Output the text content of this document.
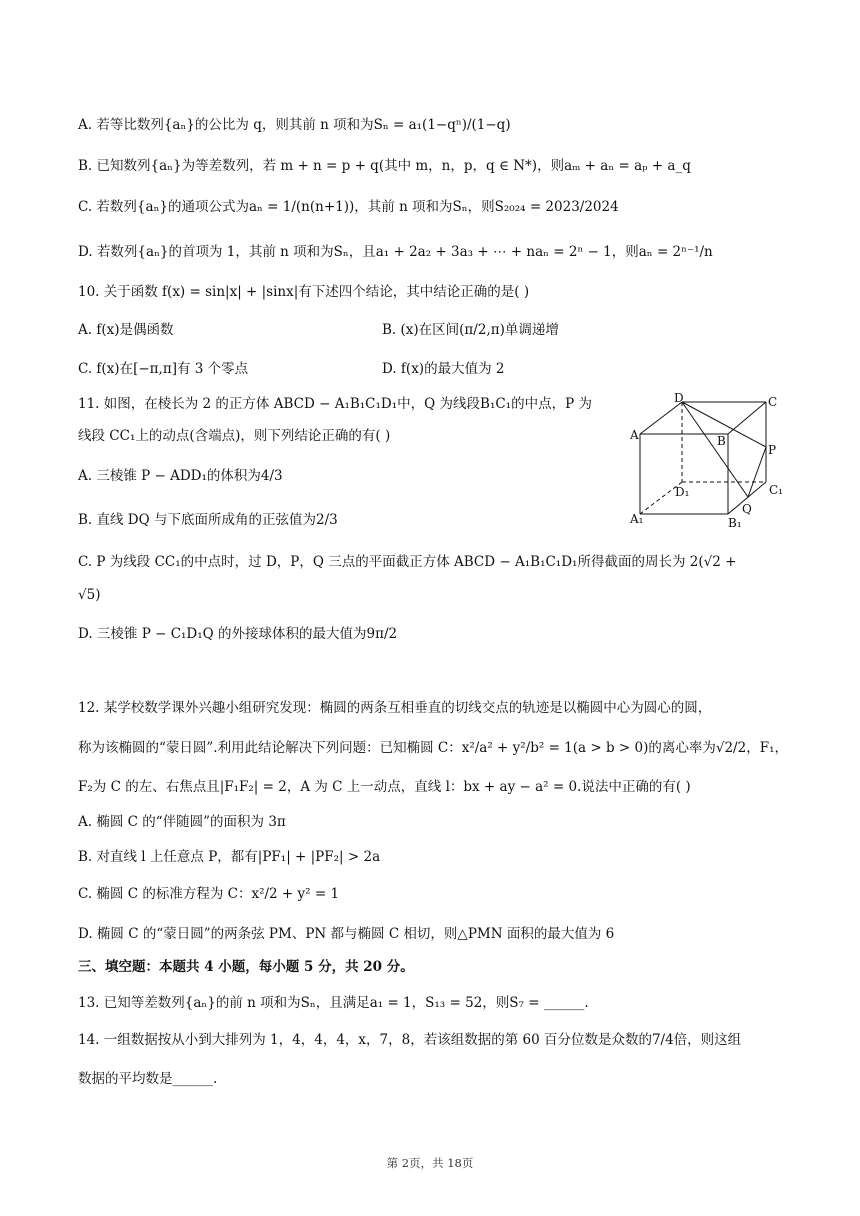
A. 若等比数列{aₙ}的公比为 q，则其前 n 项和为Sₙ = a₁(1−qⁿ)/(1−q)
B. 已知数列{aₙ}为等差数列，若 m + n = p + q(其中 m，n，p，q ∈ N*)，则aₘ + aₙ = aₚ + a_q
C. 若数列{aₙ}的通项公式为aₙ = 1/(n(n+1))，其前 n 项和为Sₙ，则S₂₀₂₄ = 2023/2024
D. 若数列{aₙ}的首项为 1，其前 n 项和为Sₙ，且a₁ + 2a₂ + 3a₃ + ⋯ + naₙ = 2ⁿ − 1，则aₙ = 2ⁿ⁻¹/n
10. 关于函数 f(x) = sin|x| + |sinx|有下述四个结论，其中结论正确的是( )
A. f(x)是偶函数	B. (x)在区间(π/2,π)单调递增
C. f(x)在[−π,π]有 3 个零点	D. f(x)的最大值为 2
11. 如图，在棱长为 2 的正方体 ABCD − A₁B₁C₁D₁中，Q 为线段B₁C₁的中点，P 为
线段 CC₁上的动点(含端点)，则下列结论正确的有( )
A. 三棱锥 P − ADD₁的体积为4/3
B. 直线 DQ 与下底面所成角的正弦值为2/3
C. P 为线段 CC₁的中点时，过 D，P，Q 三点的平面截正方体 ABCD − A₁B₁C₁D₁所得截面的周长为 2(√2 +
√5)
D. 三棱锥 P − C₁D₁Q 的外接球体积的最大值为9π/2
D	C
A	B
P
D₁	C₁
A₁	B₁
Q
12. 某学校数学课外兴趣小组研究发现：椭圆的两条互相垂直的切线交点的轨迹是以椭圆中心为圆心的圆，
称为该椭圆的“蒙日圆”.利用此结论解决下列问题：已知椭圆 C：x²/a² + y²/b² = 1(a > b > 0)的离心率为√2/2，F₁，
F₂为 C 的左、右焦点且|F₁F₂| = 2，A 为 C 上一动点，直线 l：bx + ay − a² = 0.说法中正确的有( )
A. 椭圆 C 的“伴随圆”的面积为 3π
B. 对直线 l 上任意点 P，都有|PF₁| + |PF₂| > 2a
C. 椭圆 C 的标准方程为 C：x²/2 + y² = 1
D. 椭圆 C 的“蒙日圆”的两条弦 PM、PN 都与椭圆 C 相切，则△PMN 面积的最大值为 6
三、填空题：本题共 4 小题，每小题 5 分，共 20 分。
13. 已知等差数列{aₙ}的前 n 项和为Sₙ，且满足a₁ = 1，S₁₃ = 52，则S₇ = ______.
14. 一组数据按从小到大排列为 1，4，4，4，x，7，8，若该组数据的第 60 百分位数是众数的7/4倍，则这组
数据的平均数是______.
第 2页，共 18页
